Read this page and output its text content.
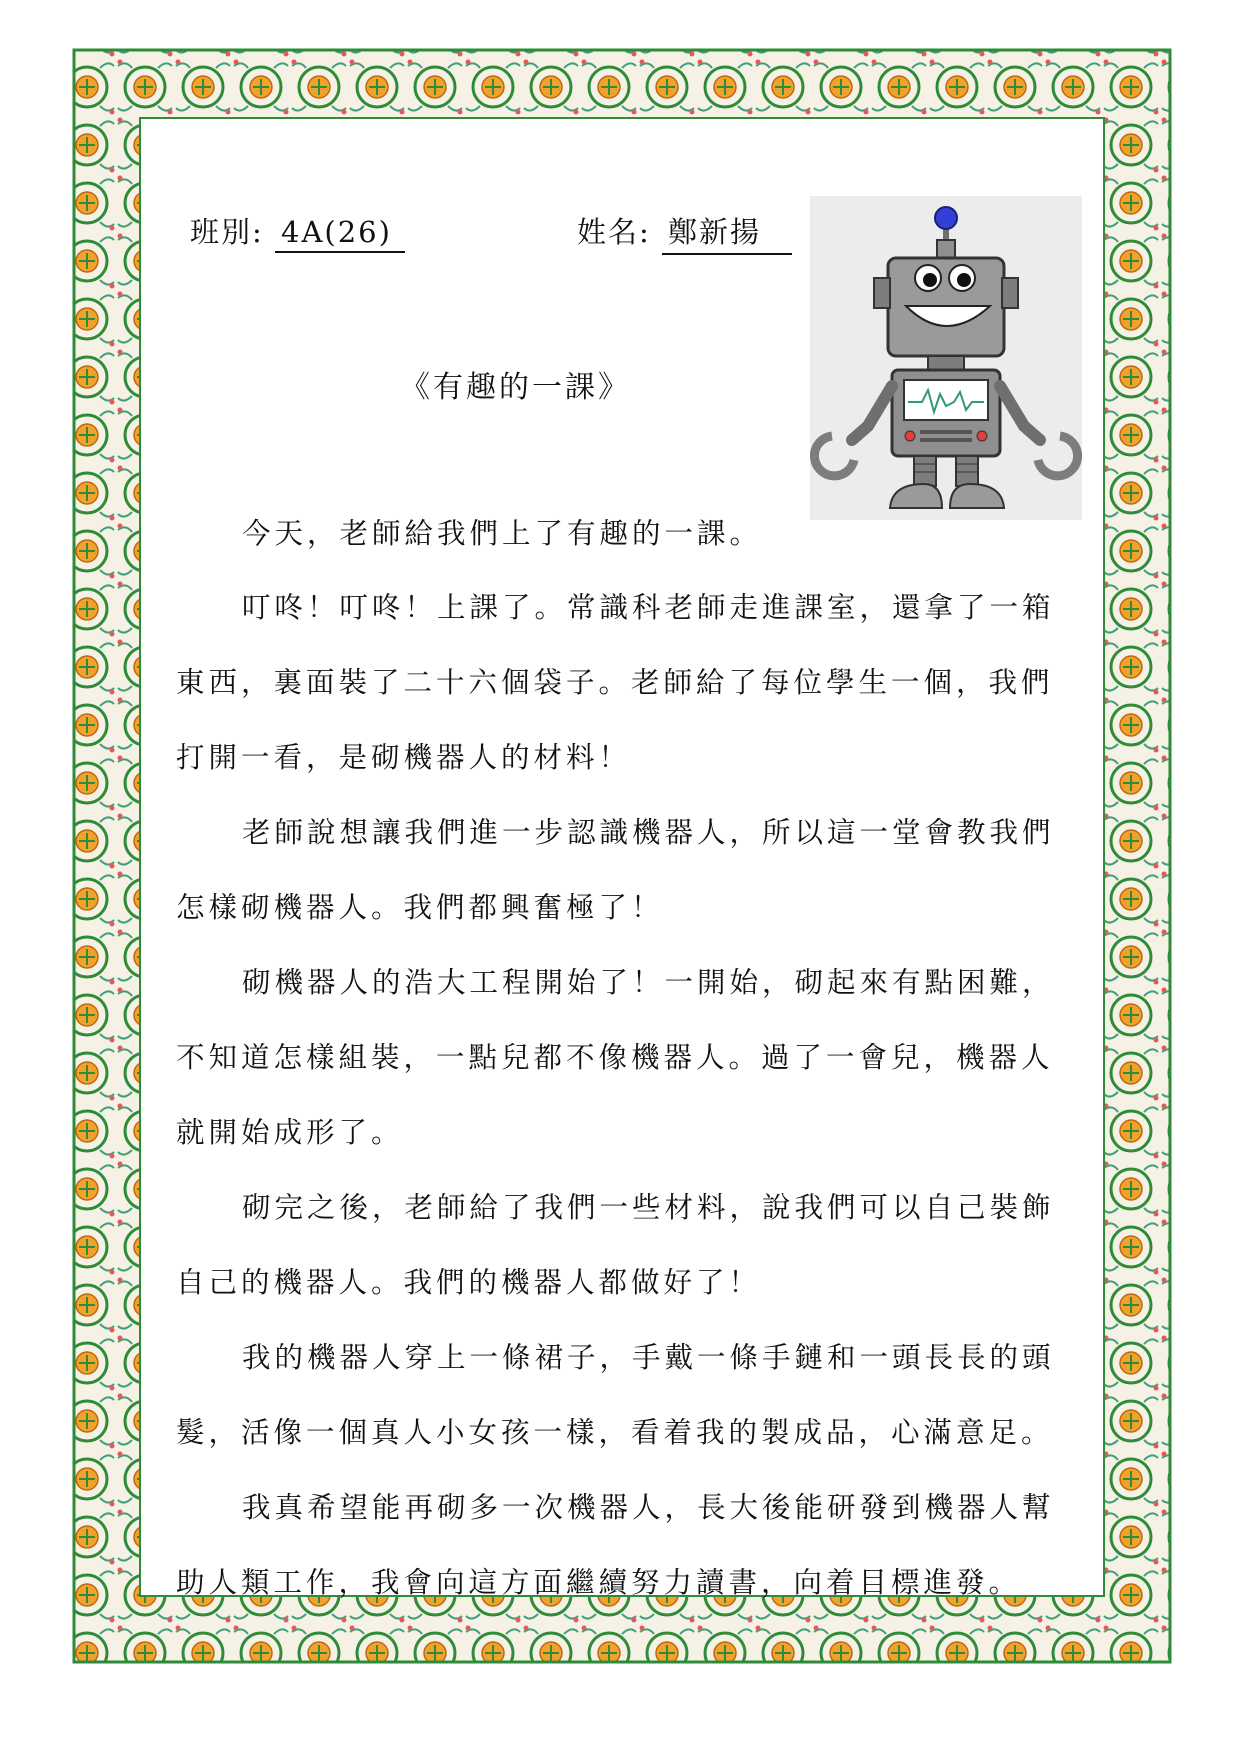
班別: 4A(26)	姓名: 鄭新揚
《有趣的一課》

今天，老師給我們上了有趣的一課。

叮咚！叮咚！上課了。常識科老師走進課室，還拿了一箱東西，裏面裝了二十六個袋子。老師給了每位學生一個，我們打開一看，是砌機器人的材料！

老師說想讓我們進一步認識機器人，所以這一堂會教我們怎樣砌機器人。我們都興奮極了！

砌機器人的浩大工程開始了！一開始，砌起來有點困難，不知道怎樣組裝，一點兒都不像機器人。過了一會兒，機器人就開始成形了。

砌完之後，老師給了我們一些材料，說我們可以自己裝飾自己的機器人。我們的機器人都做好了！

我的機器人穿上一條裙子，手戴一條手鏈和一頭長長的頭髮，活像一個真人小女孩一樣，看着我的製成品，心滿意足。

我真希望能再砌多一次機器人，長大後能研發到機器人幫助人類工作，我會向這方面繼續努力讀書，向着目標進發。
